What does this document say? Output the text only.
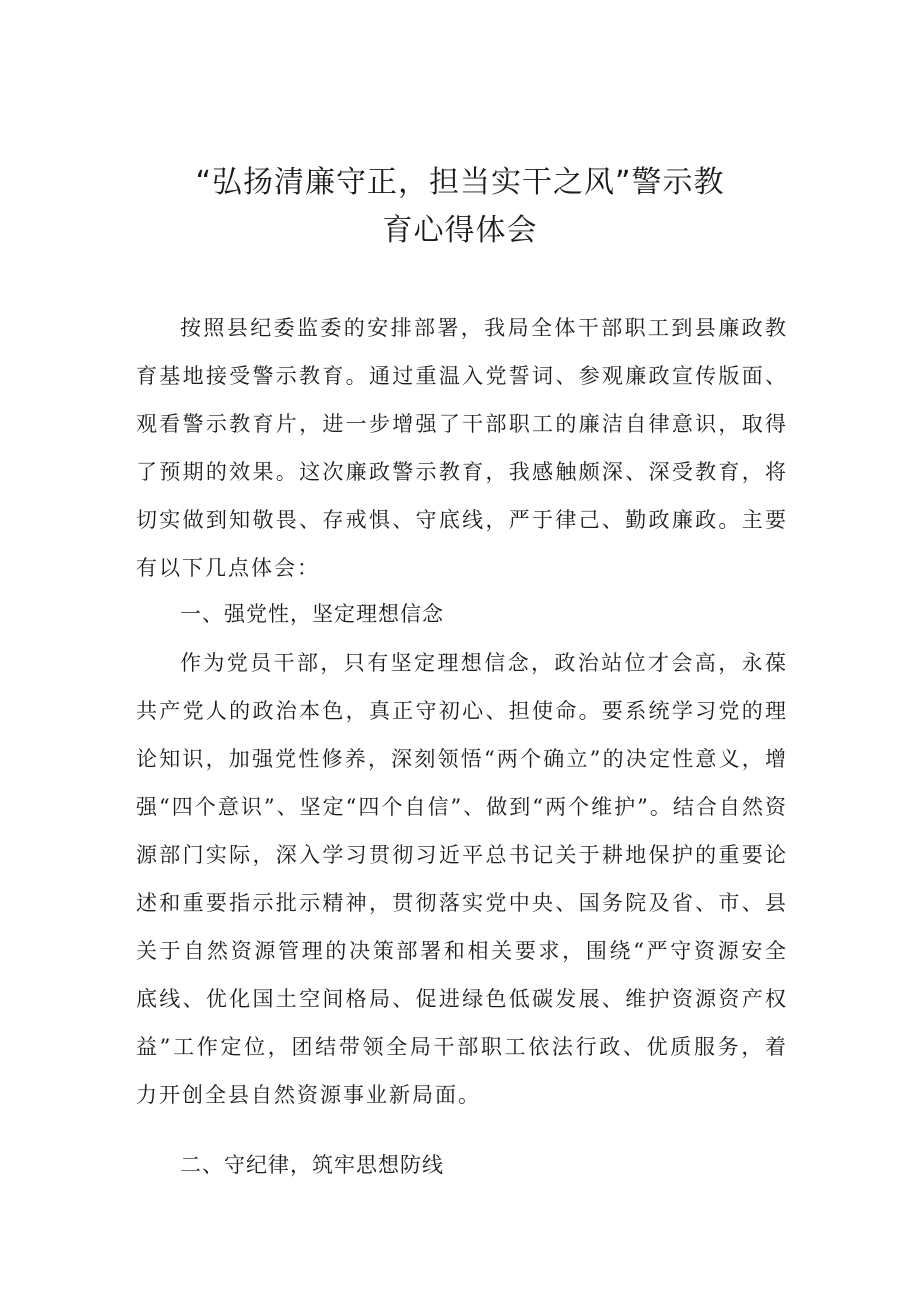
“弘扬清廉守正，担当实干之风”警示教
育心得体会

按照县纪委监委的安排部署，我局全体干部职工到县廉政教育基地接受警示教育。通过重温入党誓词、参观廉政宣传版面、观看警示教育片，进一步增强了干部职工的廉洁自律意识，取得了预期的效果。这次廉政警示教育，我感触颇深、深受教育，将切实做到知敬畏、存戒惧、守底线，严于律己、勤政廉政。主要有以下几点体会：

一、强党性，坚定理想信念

作为党员干部，只有坚定理想信念，政治站位才会高，永葆共产党人的政治本色，真正守初心、担使命。要系统学习党的理论知识，加强党性修养，深刻领悟“两个确立”的决定性意义，增强“四个意识”、坚定“四个自信”、做到“两个维护”。结合自然资源部门实际，深入学习贯彻习近平总书记关于耕地保护的重要论述和重要指示批示精神，贯彻落实党中央、国务院及省、市、县关于自然资源管理的决策部署和相关要求，围绕“严守资源安全底线、优化国土空间格局、促进绿色低碳发展、维护资源资产权益”工作定位，团结带领全局干部职工依法行政、优质服务，着力开创全县自然资源事业新局面。

二、守纪律，筑牢思想防线
